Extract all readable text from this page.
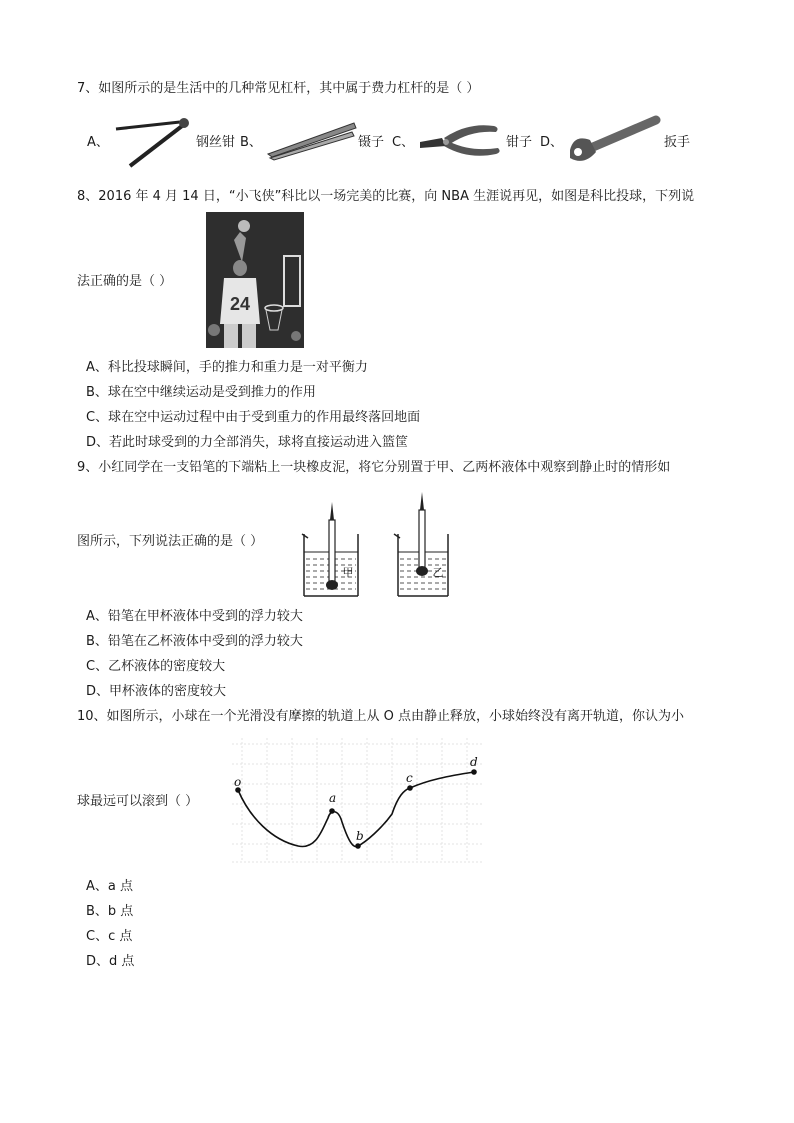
7、如图所示的是生活中的几种常见杠杆，其中属于费力杠杆的是（ ）
A、	钢丝钳 B、	镊子 C、	钳子 D、	扳手
8、2016 年 4 月 14 日，“小飞侠”科比以一场完美的比赛，向 NBA 生涯说再见，如图是科比投球，下列说
24
法正确的是（ ）
A、科比投球瞬间，手的推力和重力是一对平衡力
B、球在空中继续运动是受到推力的作用
C、球在空中运动过程中由于受到重力的作用最终落回地面
D、若此时球受到的力全部消失，球将直接运动进入篮筐
9、小红同学在一支铅笔的下端粘上一块橡皮泥，将它分别置于甲、乙两杯液体中观察到静止时的情形如
甲	乙
图所示，下列说法正确的是（ ）
A、铅笔在甲杯液体中受到的浮力较大
B、铅笔在乙杯液体中受到的浮力较大
C、乙杯液体的密度较大
D、甲杯液体的密度较大
10、如图所示，小球在一个光滑没有摩擦的轨道上从 O 点由静止释放，小球始终没有离开轨道，你认为小
o
a
b
c
d
球最远可以滚到（ ）
A、a 点
B、b 点
C、c 点
D、d 点
